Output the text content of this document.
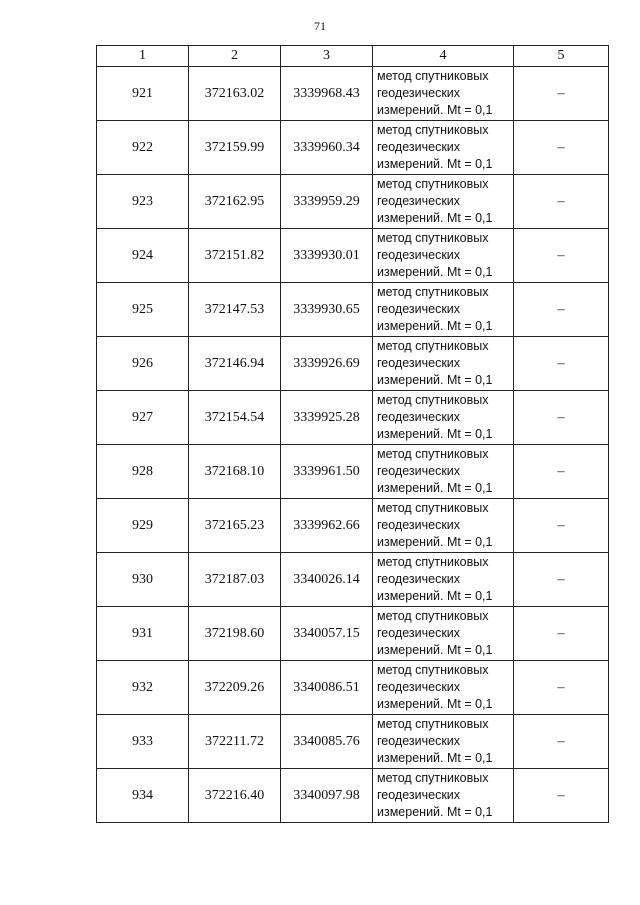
71
1	2	3	4	5
921	372163.02	3339968.43	метод спутниковых
геодезических
измерений. Mt = 0,1	–
922	372159.99	3339960.34	метод спутниковых
геодезических
измерений. Mt = 0,1	–
923	372162.95	3339959.29	метод спутниковых
геодезических
измерений. Mt = 0,1	–
924	372151.82	3339930.01	метод спутниковых
геодезических
измерений. Mt = 0,1	–
925	372147.53	3339930.65	метод спутниковых
геодезических
измерений. Mt = 0,1	–
926	372146.94	3339926.69	метод спутниковых
геодезических
измерений. Mt = 0,1	–
927	372154.54	3339925.28	метод спутниковых
геодезических
измерений. Mt = 0,1	–
928	372168.10	3339961.50	метод спутниковых
геодезических
измерений. Mt = 0,1	–
929	372165.23	3339962.66	метод спутниковых
геодезических
измерений. Mt = 0,1	–
930	372187.03	3340026.14	метод спутниковых
геодезических
измерений. Mt = 0,1	–
931	372198.60	3340057.15	метод спутниковых
геодезических
измерений. Mt = 0,1	–
932	372209.26	3340086.51	метод спутниковых
геодезических
измерений. Mt = 0,1	–
933	372211.72	3340085.76	метод спутниковых
геодезических
измерений. Mt = 0,1	–
934	372216.40	3340097.98	метод спутниковых
геодезических
измерений. Mt = 0,1	–
